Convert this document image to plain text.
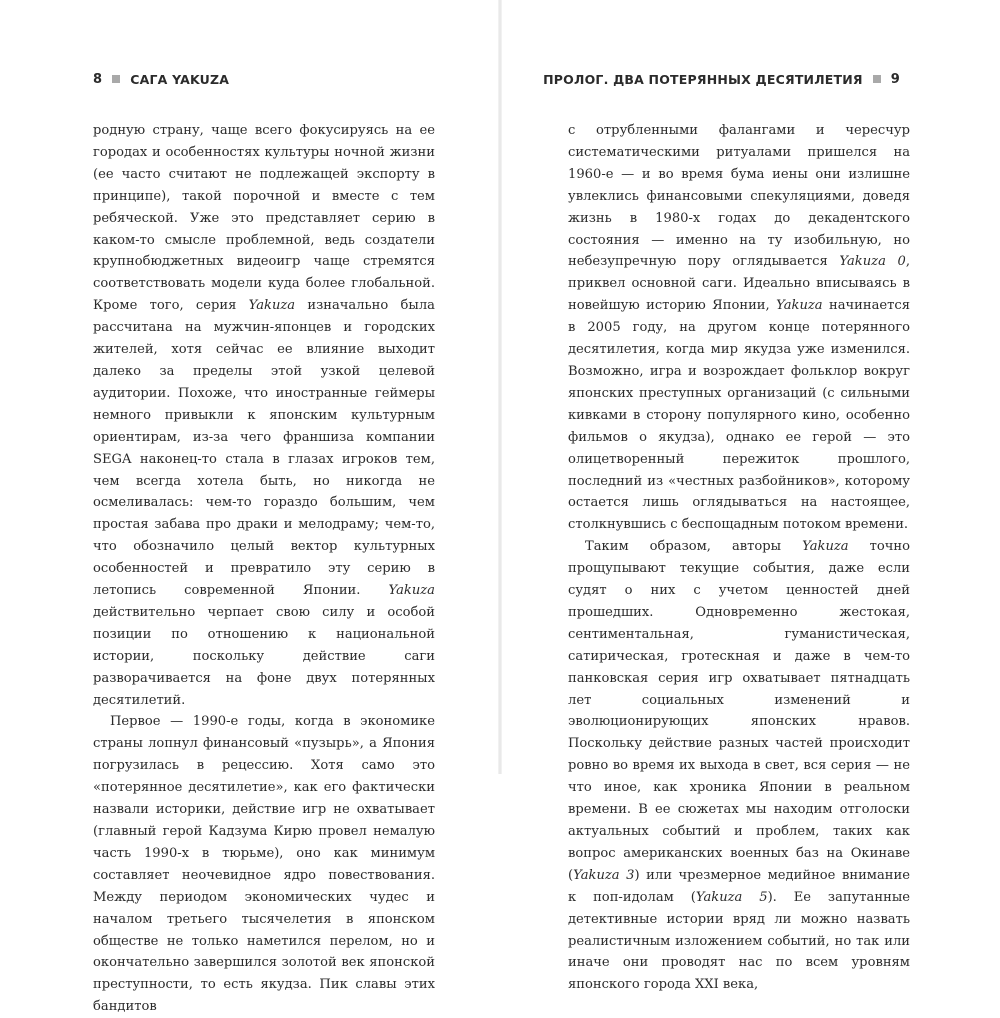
8 САГА YAKUZA

родную страну, чаще всего фокусируясь на ее городах и особенностях культуры ночной жизни (ее часто считают не подлежащей экспорту в принципе), такой порочной и вместе с тем ребяческой. Уже это представляет серию в каком-то смысле проблемной, ведь создатели крупнобюджетных видеоигр чаще стремятся соответствовать модели куда более глобальной. Кроме того, серия Yakuza изначально была рассчитана на мужчин-японцев и городских жителей, хотя сейчас ее влияние выходит далеко за пределы этой узкой целевой аудитории. Похоже, что иностранные геймеры немного привыкли к японским культурным ориентирам, из-за чего франшиза компании SEGA наконец-то стала в глазах игроков тем, чем всегда хотела быть, но никогда не осмеливалась: чем-то гораздо большим, чем простая забава про драки и мелодраму; чем-то, что обозначило целый вектор культурных особенностей и превратило эту серию в летопись современной Японии. Yakuza действительно черпает свою силу и особой позиции по отношению к национальной истории, поскольку действие саги разворачивается на фоне двух потерянных десятилетий.

Первое — 1990-е годы, когда в экономике страны лопнул финансовый «пузырь», а Япония погрузилась в рецессию. Хотя само это «потерянное десятилетие», как его фактически назвали историки, действие игр не охватывает (главный герой Кадзума Кирю провел немалую часть 1990-х в тюрьме), оно как минимум составляет неочевидное ядро повествования. Между периодом экономических чудес и началом третьего тысячелетия в японском обществе не только наметился перелом, но и окончательно завершился золотой век японской преступности, то есть якудза. Пик славы этих бандитов

ПРОЛОГ. ДВА ПОТЕРЯННЫХ ДЕСЯТИЛЕТИЯ 9

с отрубленными фалангами и чересчур систематическими ритуалами пришелся на 1960-е — и во время бума иены они излишне увлеклись финансовыми спекуляциями, доведя жизнь в 1980-х годах до декадентского состояния — именно на ту изобильную, но небезупречную пору оглядывается Yakuza 0, приквел основной саги. Идеально вписываясь в новейшую историю Японии, Yakuza начинается в 2005 году, на другом конце потерянного десятилетия, когда мир якудза уже изменился. Возможно, игра и возрождает фольклор вокруг японских преступных организаций (с сильными кивками в сторону популярного кино, особенно фильмов о якудза), однако ее герой — это олицетворенный пережиток прошлого, последний из «честных разбойников», которому остается лишь оглядываться на настоящее, столкнувшись с беспощадным потоком времени.

Таким образом, авторы Yakuza точно прощупывают текущие события, даже если судят о них с учетом ценностей дней прошедших. Одновременно жестокая, сентиментальная, гуманистическая, сатирическая, гротескная и даже в чем-то панковская серия игр охватывает пятнадцать лет социальных изменений и эволюционирующих японских нравов. Поскольку действие разных частей происходит ровно во время их выхода в свет, вся серия — не что иное, как хроника Японии в реальном времени. В ее сюжетах мы находим отголоски актуальных событий и проблем, таких как вопрос американских военных баз на Окинаве (Yakuza 3) или чрезмерное медийное внимание к поп-идолам (Yakuza 5). Ее запутанные детективные истории вряд ли можно назвать реалистичным изложением событий, но так или иначе они проводят нас по всем уровням японского города XXI века,
